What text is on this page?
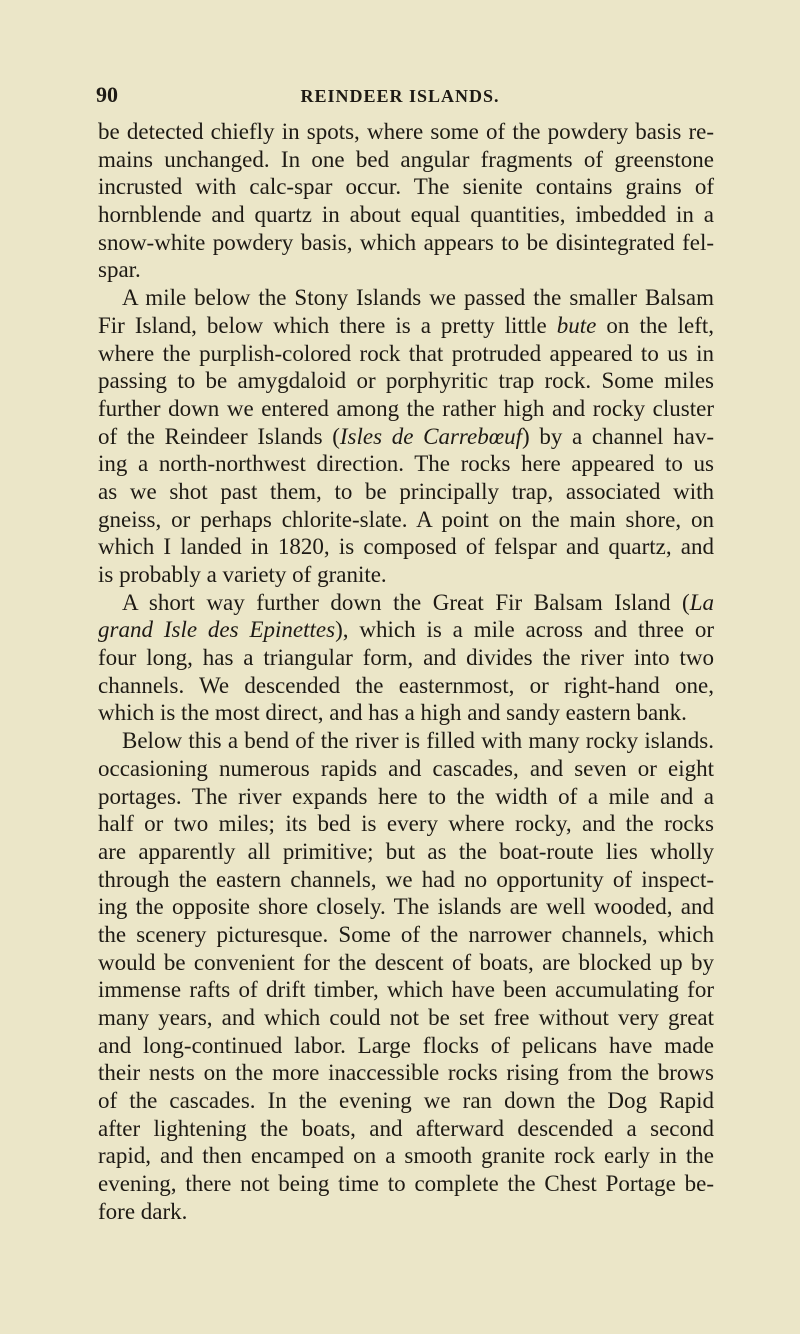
90	REINDEER ISLANDS.
be detected chiefly in spots, where some of the powdery basis re-
mains unchanged. In one bed angular fragments of greenstone
incrusted with calc-spar occur. The sienite contains grains of
hornblende and quartz in about equal quantities, imbedded in a
snow-white powdery basis, which appears to be disintegrated fel-
spar.
A mile below the Stony Islands we passed the smaller Balsam
Fir Island, below which there is a pretty little bute on the left,
where the purplish-colored rock that protruded appeared to us in
passing to be amygdaloid or porphyritic trap rock. Some miles
further down we entered among the rather high and rocky cluster
of the Reindeer Islands (Isles de Carrebœuf) by a channel hav-
ing a north-northwest direction. The rocks here appeared to us
as we shot past them, to be principally trap, associated with
gneiss, or perhaps chlorite-slate. A point on the main shore, on
which I landed in 1820, is composed of felspar and quartz, and
is probably a variety of granite.
A short way further down the Great Fir Balsam Island (La
grand Isle des Epinettes), which is a mile across and three or
four long, has a triangular form, and divides the river into two
channels. We descended the easternmost, or right-hand one,
which is the most direct, and has a high and sandy eastern bank.
Below this a bend of the river is filled with many rocky islands.
occasioning numerous rapids and cascades, and seven or eight
portages. The river expands here to the width of a mile and a
half or two miles; its bed is every where rocky, and the rocks
are apparently all primitive; but as the boat-route lies wholly
through the eastern channels, we had no opportunity of inspect-
ing the opposite shore closely. The islands are well wooded, and
the scenery picturesque. Some of the narrower channels, which
would be convenient for the descent of boats, are blocked up by
immense rafts of drift timber, which have been accumulating for
many years, and which could not be set free without very great
and long-continued labor. Large flocks of pelicans have made
their nests on the more inaccessible rocks rising from the brows
of the cascades. In the evening we ran down the Dog Rapid
after lightening the boats, and afterward descended a second
rapid, and then encamped on a smooth granite rock early in the
evening, there not being time to complete the Chest Portage be-
fore dark.
